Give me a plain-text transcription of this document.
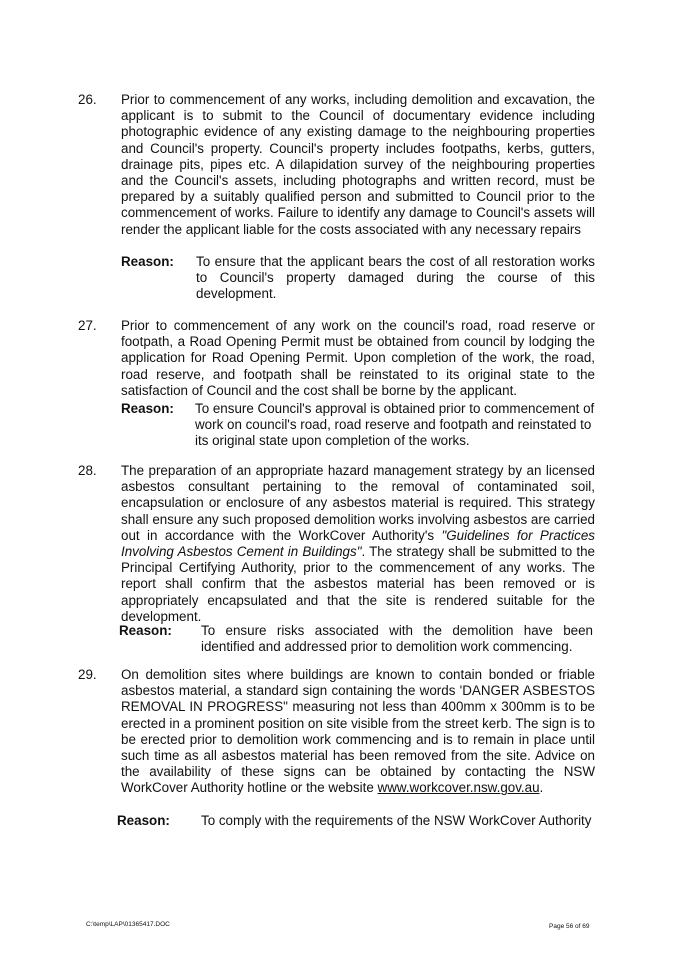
26. Prior to commencement of any works, including demolition and excavation, the applicant is to submit to the Council of documentary evidence including photographic evidence of any existing damage to the neighbouring properties and Council's property. Council's property includes footpaths, kerbs, gutters, drainage pits, pipes etc. A dilapidation survey of the neighbouring properties and the Council's assets, including photographs and written record, must be prepared by a suitably qualified person and submitted to Council prior to the commencement of works. Failure to identify any damage to Council's assets will render the applicant liable for the costs associated with any necessary repairs
Reason: To ensure that the applicant bears the cost of all restoration works to Council's property damaged during the course of this development.
27. Prior to commencement of any work on the council's road, road reserve or footpath, a Road Opening Permit must be obtained from council by lodging the application for Road Opening Permit. Upon completion of the work, the road, road reserve, and footpath shall be reinstated to its original state to the satisfaction of Council and the cost shall be borne by the applicant.
Reason: To ensure Council's approval is obtained prior to commencement of work on council's road, road reserve and footpath and reinstated to its original state upon completion of the works.
28. The preparation of an appropriate hazard management strategy by an licensed asbestos consultant pertaining to the removal of contaminated soil, encapsulation or enclosure of any asbestos material is required. This strategy shall ensure any such proposed demolition works involving asbestos are carried out in accordance with the WorkCover Authority's "Guidelines for Practices Involving Asbestos Cement in Buildings". The strategy shall be submitted to the Principal Certifying Authority, prior to the commencement of any works. The report shall confirm that the asbestos material has been removed or is appropriately encapsulated and that the site is rendered suitable for the development.
Reason: To ensure risks associated with the demolition have been identified and addressed prior to demolition work commencing.
29. On demolition sites where buildings are known to contain bonded or friable asbestos material, a standard sign containing the words 'DANGER ASBESTOS REMOVAL IN PROGRESS" measuring not less than 400mm x 300mm is to be erected in a prominent position on site visible from the street kerb. The sign is to be erected prior to demolition work commencing and is to remain in place until such time as all asbestos material has been removed from the site. Advice on the availability of these signs can be obtained by contacting the NSW WorkCover Authority hotline or the website www.workcover.nsw.gov.au.
Reason: To comply with the requirements of the NSW WorkCover Authority
C:\temp\LAP\01365417.DOC	Page 56 of 69
